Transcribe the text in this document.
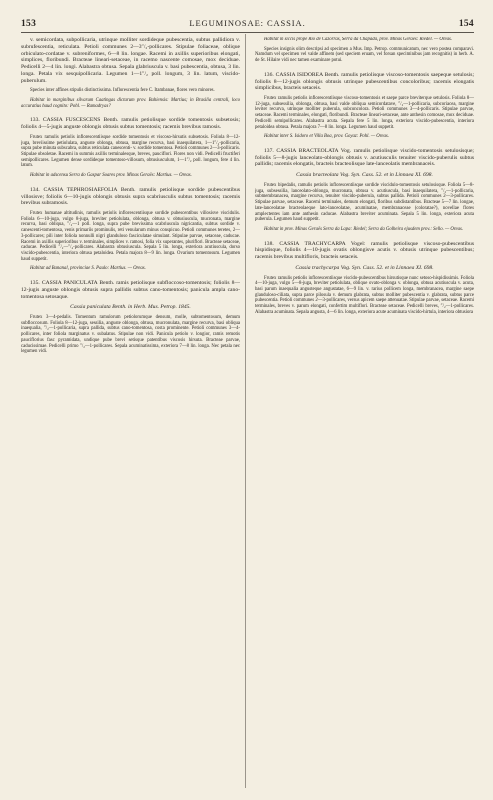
153	LEGUMINOSAE: CASSIA.	154

v. semicordata, subpollicaria, utrinque molliter sordideque pubescentia, subtus pallidiora v. subrufescentia, reticulata. Petioli communes 2—3″/₂-pollicares. Stipulae foliaceae, oblique orbiculato-cordatae v. subreniformes, 6—8 lin. longae. Racemi in axillis superioribus elongati, simplices, floribundi. Bracteae lineari-setaceae, in racemo nascente comosae, mox deciduae. Pedicelli 2—4 lin. longi. Alabastra obtusa. Sepala glabriuscula v. basi pubescentia, obtusa, 3 lin. longa. Petala vix sesquipollicaria. Legumen 1—1″/₂ poll. longum, 3 lin. latum, viscido-puberulum.

Species inter affines stipulis distinctissima. Inflorescentia fere C. Itambanae, flores vero minores.

Habitat in marginibus silvarum Caatingas dictarum prov. Bahiensis: Martius; in Brasilia centrali, loco accuratius haud cognito: Pohl. — Ramadryas?

133. CASSIA FUSCESCENS Benth. ramulis petiolisque sordide tomentosis subsetosis; foliolis 4—5-jugis anguste oblongis obtusis subtus tomentosis; racemis brevibus ramosis.

Frutex ramulis petiolis inflorescentiisque sordide tomentosis et viscoso-hirsutis subsetosis. Foliola 8—12-juga, breviissime petiolulata, anguste oblonga, obtusa, margine recurva, basi inaequilatera, 1—1″/₂-pollicaria, supra pube minuta subscabra, subtus reticulata canescenti- v. sordide tomentosa. Petioli communes 2—3-pollicaris. Stipulae obsoletae. Racemi in summis axillis terminalesque, breves, pauciflori. Flores non vidi. Pedicelli fructiferi semipollicares. Legumen dense sordideque tomentoso-villosum, obtusiusculum, 1—1″/₂ poll. longum, fere 4 lin. latum.

Habitat in adscensu Serra do Gaspar Soares prov. Minas Geraës: Martius. — Oreas.

134. CASSIA TEPHROSIAEFOLIA Benth. ramulis petiolisque sordide pubescentibus villosisve; foliolis 6—10-jugis oblongis obtusis supra scabriusculis subtus tomentosis; racemis brevibus subramosis.

Frutex humanae altitudinis, ramulis petiolis inflorescentiisque sordide pubescentibus villosisve viscidulis. Foliola 6—10-juga, vulgo 8-juga, breviter petiolulata, oblonga, obtusa v. obtusiuscula, mucronata, margine recurva, basi obliqua, ″/₂—1 poll. longa, supra pube brevissima scabriuscula nigricantia, subtus sordide v. canescenti-tomentosa, venis primariis prominulis, reti venularum minus conspicuo. Petioli communes teretes, 2—3-pollicares; pili inter foliola nonnulli nigri glanduloso fasciculatae simulant. Stipulae parvae, setaceae, caducae. Racemi in axillis superioribus v. terminales, simplices v. ramosi, folia vix superantes, pluriflori. Bracteae setaceae, caducae. Pedicelli ″/₂—″/₄-pollicares. Alabastra obtusiuscula. Sepala 5 lin. longa, exteriora acutiuscula, dorso viscido-pubescentia, interiora obtusa petaloidea. Petala majora 8—9 lin. longa. Ovarium tomentosum. Legumen haud suppetit.

Habitat ad Bananal, provinciae S. Paulo: Martius. — Oreas.

135. CASSIA PANICULATA Benth. ramis petiolisque subfloccoso-tomentosis; foliolis 8—12-jugis anguste oblongis obtusis supra pallidis subtus cano-tomentosis; panicula ampla cano-tomentosa setosaque.

Cassia paniculata Benth. in Herb. Mus. Petrop. 1845.

Frutex 3—4-pedalis. Tomentum ramulorum petiolorumque densum, molle, subtomentosum, demum subfloccosum. Foliola 8—12-juga, sessilia, anguste oblonga, obtusa, mucronulata, margine recurva, basi obliqua inaequalia, ″/₂—1-pollicaria, supra pallida, subtus cano-tomentosa, costa prominente. Petioli communes 3—4-pollicares, inter foliola marginatus v. subalatus. Stipulae non vidi. Panicula petiolo v. longior, ramis remotis pauciflorius fasc pyramidata, undique pube brevi setisque patentibus viscosis hirsuta. Bracteae parvae, caducissimae. Pedicelli primo ″/₂—1-pollicares. Sepala acuminatissima, exteriora 7—8 lin. longa. Nec petala nec legumen vidi.

Habitat in siccis prope Rio de Cazorras, Serra da Chapada, prov. Minas Geraës: Riedel. — Oreas.

Species insignis olim descripsi ad specimen a Mus. Imp. Petrop. communicatum, nec vero postea comparavi. Namdum vel specimen vel valde affinem (sed speciem eruam, vel forsan speciminibus jam recognitis) in herb. A. de St. Hilaire vidi nec tamen examinare potui.

136. CASSIA ISIDOREA Benth. ramulis petiolisque viscoso-tomentosis saepeque setulosis; foliolis 8—12-jugis oblongis obtusis utrinque pubescentibus concoloribus; racemis elongatis simplicibus, bracteis setaceis.

Frutex ramulis petiolis inflorescentiisque viscoso-tomentosis et saepe parce breviterque setulosis. Foliola 8—12-juga, subsessilia, oblonga, obtusa, basi valde obliqua semicordatave, ″/₂—1-pollicaria, subcoriacea, margine leviter recurva, utrinque molliter puberula, subconcolora. Petioli communes 3—4-pollicaris. Stipulae parvae, setaceae. Racemi terminales, elongati, floribundi. Bracteae lineari-setaceae, ante anthesin comosae, mox deciduae. Pedicelli semipollicares. Alabastra acuta. Sepala fere 5 lin. longa, exteriora viscido-pubescentia, interiora petaloidea obtusa. Petala majora 7—8 lin. longa. Legumen haud suppetit.

Habitat inter S. Isidoro et Villa Boa, prov. Goyaz: Pohl. — Oreas.

137. CASSIA BRACTEOLATA Vog. ramulis petiolisque viscido-tomentosis setulosisque; foliolis 5—8-jugis lanceolato-oblongis obtusis v. acutiusculis tenuiter viscido-puberulis subtus pallidis; racemis elongatis, bracteis bracteolisque late-lanceolatis membranaceis.

Cassia bracteolata Vog. Syn. Cass. 52. et in Linnaea XI. 698.

Frutex bipedalis, ramulis petiolis inflorescentiisque sordide viscidulo-tomentosis setulosisque. Foliola 5—8-juga, subsessilia, lanceolato-oblonga, mucronata, obtusa v. acutiuscula, basi inaequilatera, ″/₂—1-pollicaria, submembranacea, margine recurva, tenuiter viscido-puberula, subtus pallida. Petioli communes 2—3-pollicares. Stipulae parvae, setaceae. Racemi terminales, demum elongati, floribus subdistantibus. Bracteae 5—7 lin. longae, late-lanceolatae bracteolaeque lato-lanceolatae, acuminatae, membranaceae (coloratae?), novellae flores amplectentes iam ante anthesin caducae. Alabastra breviter acuminata. Sepala 5 lin. longa, exteriora acuta puberula. Legumen haud suppetit.

Habitat in prov. Minas Geraës Serra da Lapa: Riedel; Serra da Golheira ejusdem prov.: Sello. — Oreas.

138. CASSIA TRACHYCARPA Vogel: ramulis petiolisque viscoso-pubescentibus hispidisque, foliolis 4—10-jugis ovatis oblongisve acutis v. obtusis utrinque pubescentibus; racemis brevibus multifloris, bracteis setaceis.

Cassia trachycarpa Vog. Syn. Cass. 52. et in Linnaea XI. 698.

Frutex ramulis petiolis inflorescentiisque viscido-pubescentibus hirsutisque nunc setoso-hispidissimis. Foliola 4—10-juga, vulgo 5—8-juga, breviter petiolulata, oblique ovato-oblonga v. oblonga, obtusa acutiuscula v. acuta, basi parum inaequalia angusteque angustatae, 6—9 lin. v. rarius pollicem longa, membranacea, margine saepe glanduloso-ciliata, supra parce pilosula v. demum glabrata, subtus molliter pubescentia v. glabrata, subtus parce pubescentia. Petioli communes 2—3-pollicares, versus apicem saepe attenuatae. Stipulae parvae, setaceae. Racemi terminales, breves v. parum elongati, confertim multiflori. Bracteae setaceae. Pedicelli breves, ″/₂—1-pollicares. Alabastra acuminata. Sepala angusta, 4—6 lin. longa, exteriora acute acuminata viscido-hirtula, interiora obtusiora
